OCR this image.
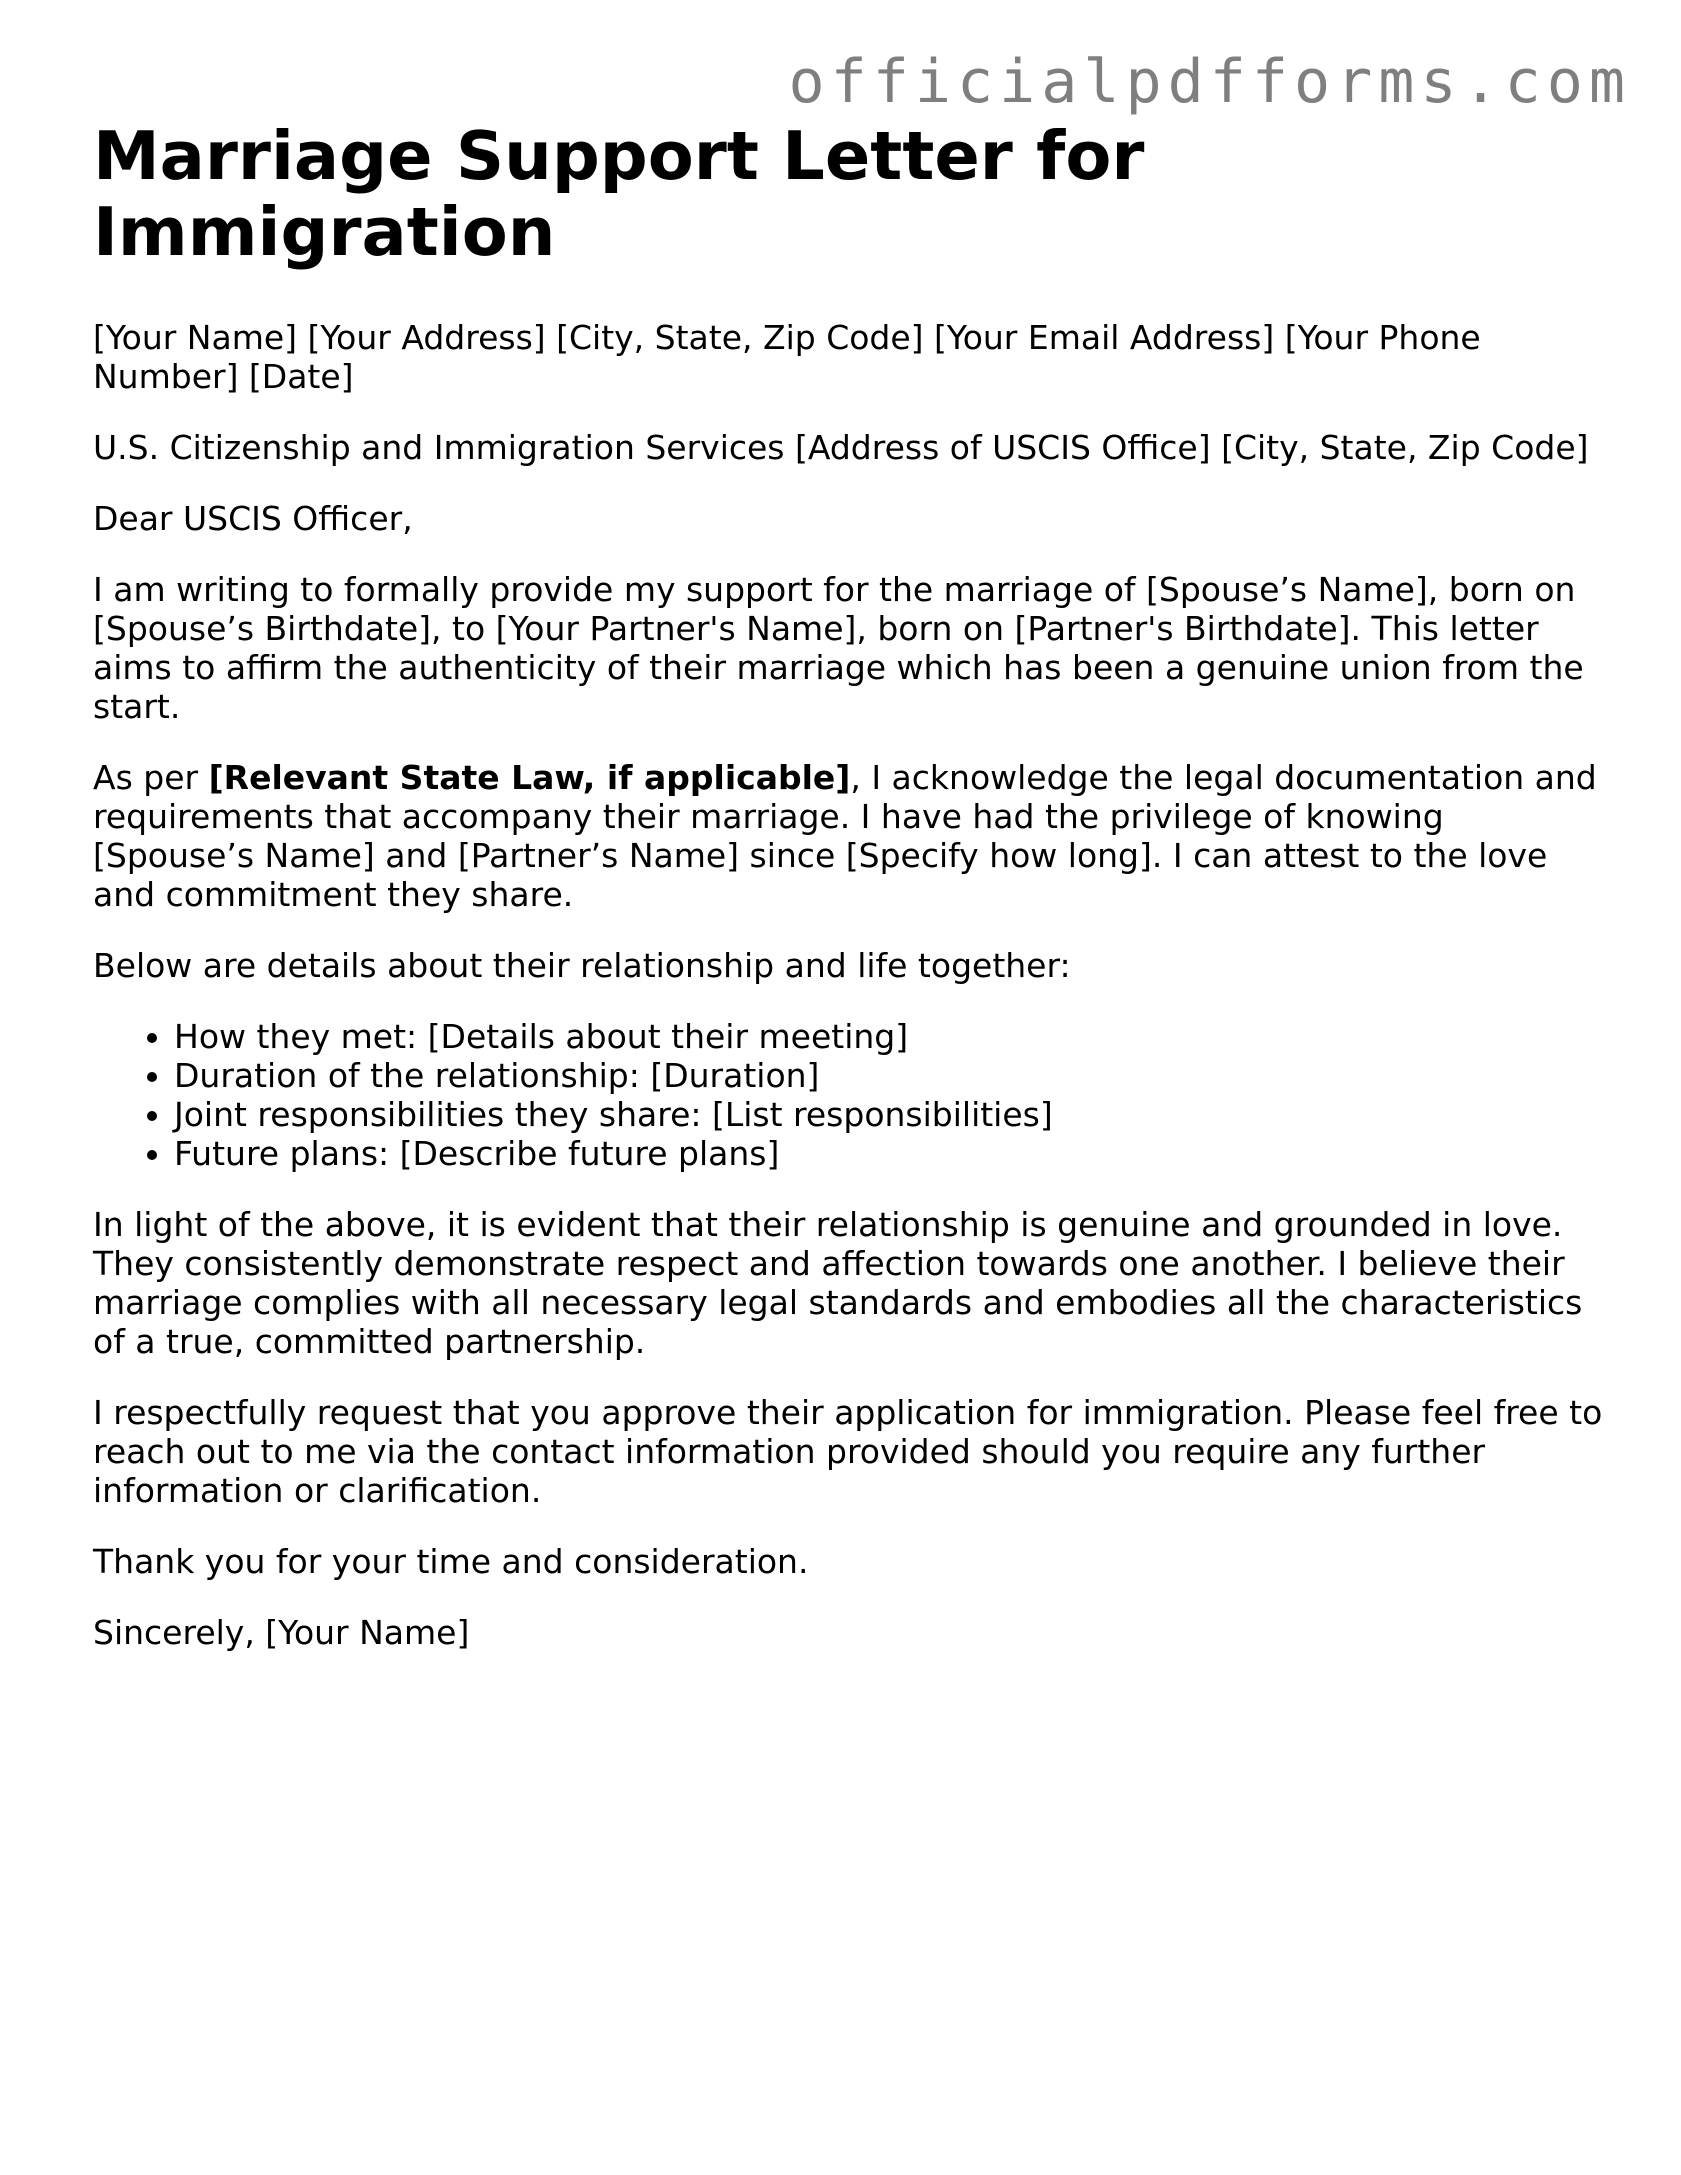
officialpdfforms.com
Marriage Support Letter for Immigration

[Your Name] [Your Address] [City, State, Zip Code] [Your Email Address] [Your Phone Number] [Date]

U.S. Citizenship and Immigration Services [Address of USCIS Office] [City, State, Zip Code]

Dear USCIS Officer,

I am writing to formally provide my support for the marriage of [Spouse’s Name], born on [Spouse’s Birthdate], to [Your Partner's Name], born on [Partner's Birthdate]. This letter aims to affirm the authenticity of their marriage which has been a genuine union from the start.

As per [Relevant State Law, if applicable], I acknowledge the legal documentation and requirements that accompany their marriage. I have had the privilege of knowing [Spouse’s Name] and [Partner’s Name] since [Specify how long]. I can attest to the love and commitment they share.

Below are details about their relationship and life together:

• How they met: [Details about their meeting]
• Duration of the relationship: [Duration]
• Joint responsibilities they share: [List responsibilities]
• Future plans: [Describe future plans]

In light of the above, it is evident that their relationship is genuine and grounded in love. They consistently demonstrate respect and affection towards one another. I believe their marriage complies with all necessary legal standards and embodies all the characteristics of a true, committed partnership.

I respectfully request that you approve their application for immigration. Please feel free to reach out to me via the contact information provided should you require any further information or clarification.

Thank you for your time and consideration.

Sincerely, [Your Name]
